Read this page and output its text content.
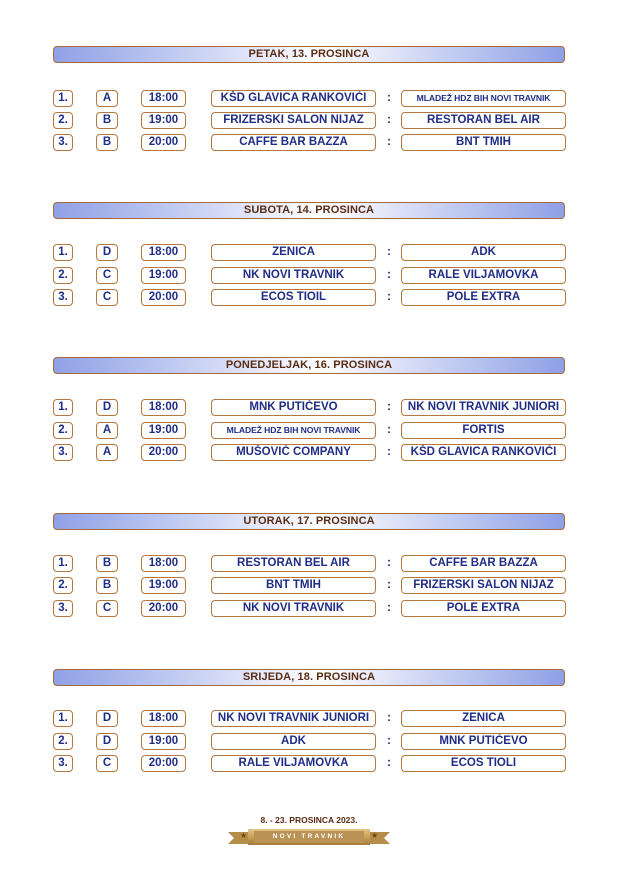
PETAK, 13. PROSINCA
1.	A	18:00	KŠD GLAVICA RANKOVIĆI	:	MLADEŽ HDZ BIH NOVI TRAVNIK
2.	B	19:00	FRIZERSKI SALON NIJAZ	:	RESTORAN BEL AIR
3.	B	20:00	CAFFE BAR BAZZA	:	BNT TMIH
SUBOTA, 14. PROSINCA
1.	D	18:00	ZENICA	:	ADK
2.	C	19:00	NK NOVI TRAVNIK	:	RALE VILJAMOVKA
3.	C	20:00	ECOS TIOIL	:	POLE EXTRA
PONEDJELJAK, 16. PROSINCA
1.	D	18:00	MNK PUTIĆEVO	:	NK NOVI TRAVNIK JUNIORI
2.	A	19:00	MLADEŽ HDZ BIH NOVI TRAVNIK	:	FORTIS
3.	A	20:00	MUŠOVIĆ COMPANY	:	KŠD GLAVICA RANKOVIĆI
UTORAK, 17. PROSINCA
1.	B	18:00	RESTORAN BEL AIR	:	CAFFE BAR BAZZA
2.	B	19:00	BNT TMIH	:	FRIZERSKI SALON NIJAZ
3.	C	20:00	NK NOVI TRAVNIK	:	POLE EXTRA
SRIJEDA, 18. PROSINCA
1.	D	18:00	NK NOVI TRAVNIK JUNIORI	:	ZENICA
2.	D	19:00	ADK	:	MNK PUTIĆEVO
3.	C	20:00	RALE VILJAMOVKA	:	ECOS TIOLI
8. - 23. PROSINCA 2023.
★	★
NOVI TRAVNIK
